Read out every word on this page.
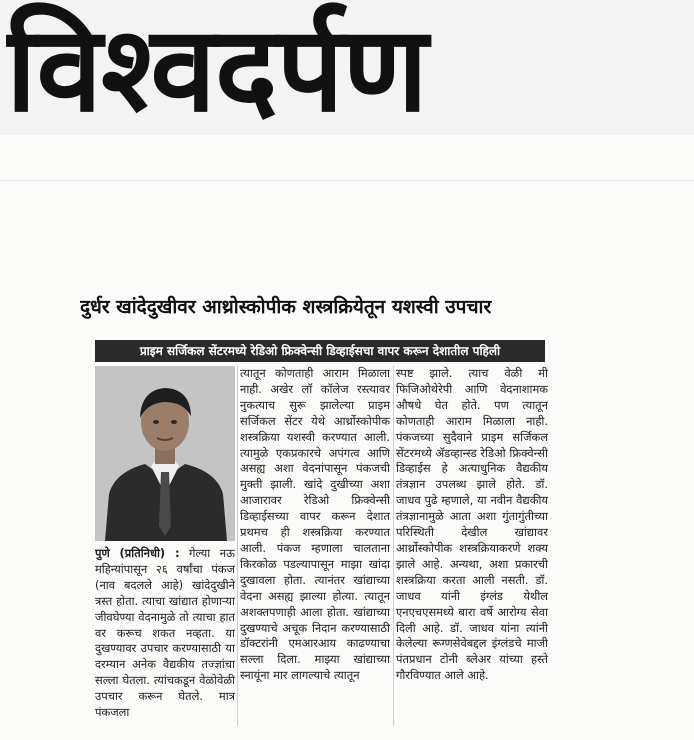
विश्वदर्पण
दुर्धर खांदेदुखीवर आथ्रोस्कोपीक शस्त्रक्रियेतून यशस्वी उपचार
प्राइम सर्जिकल सेंटरमध्ये रेडिओ फ्रिक्वेन्सी डिव्हाईसचा वापर करून देशातील पहिली

पुणे (प्रतिनिधी) : गेल्या नऊ महिन्यांपासून २६ वर्षांचा पंकज (नाव बदलले आहे) खांदेदुखीने त्रस्त होता. त्याचा खांद्यात होणाऱ्या जीवघेण्या वेदनामुळे तो त्याचा हात वर करूच शकत नव्हता. या दुखण्यावर उपचार करण्यासाठी या दरम्यान अनेक वैद्यकीय तज्ज्ञांचा सल्ला घेतला. त्यांचकडून वेळोवेळी उपचार करून घेतले. मात्र पंकजला

त्यातून कोणताही आराम मिळाला नाही. अखेर लॉ कॉलेज रस्त्यावर नुकत्याच सुरू झालेल्या प्राइम सर्जिकल सेंटर येथे आर्थ्रोस्कोपीक शस्त्रक्रिया यशस्वी करण्यात आली. त्यामुळे एकप्रकारचे अपंगत्व आणि असह्य अशा वेदनांपासून पंकजची मुक्ती झाली. खांदे दुखीच्या अशा आजारावर रेडिओ फ्रिक्वेन्सी डिव्हाईसच्या वापर करून देशात प्रथमच ही शस्त्रक्रिया करण्यात आली. पंकज म्हणाला चालताना किरकोळ पडल्यापासून माझा खांदा दुखावला होता. त्यानंतर खांद्याच्या वेदना असह्य झाल्या होत्या. त्यातून अशक्तपणाही आला होता. खांद्याच्या दुखण्याचे अचूक निदान करण्यासाठी डॉक्टरांनी एमआरआय काढण्याचा सल्ला दिला. माझ्या खांद्याच्या स्नायूंना मार लागल्याचे त्यातून

स्पष्ट झाले. त्याच वेळी मी फिजिओथेरेपी आणि वेदनाशामक औषधे घेत होते. पण त्यातून कोणताही आराम मिळाला नाही. पंकजच्या सुदैवाने प्राइम सर्जिकल सेंटरमध्ये ॲडव्हान्स्ड रेडिओ फ्रिक्वेन्सी डिव्हाईस हे अत्याधुनिक वैद्यकीय तंत्रज्ञान उपलब्ध झाले होते. डॉ. जाधव पुढे म्हणाले, या नवीन वैद्यकीय तंत्रज्ञानामुळे आता अशा गुंतागुंतीच्या परिस्थिती देखील खांद्यावर आर्थ्रोस्कोपीक शस्त्रक्रियाकरणे शक्य झाले आहे. अन्यथा, अशा प्रकारची शस्त्रक्रिया करता आली नसती. डॉ. जाधव यांनी इंग्लंड येथील एनएचएसमध्ये बारा वर्षे आरोग्य सेवा दिली आहे. डॉ. जाधव यांना त्यांनी केलेल्या रूग्णसेवेबद्दल इंग्लंडचे माजी पंतप्रधान टोनी ब्लेअर यांच्या हस्ते गौरविण्यात आले आहे.
